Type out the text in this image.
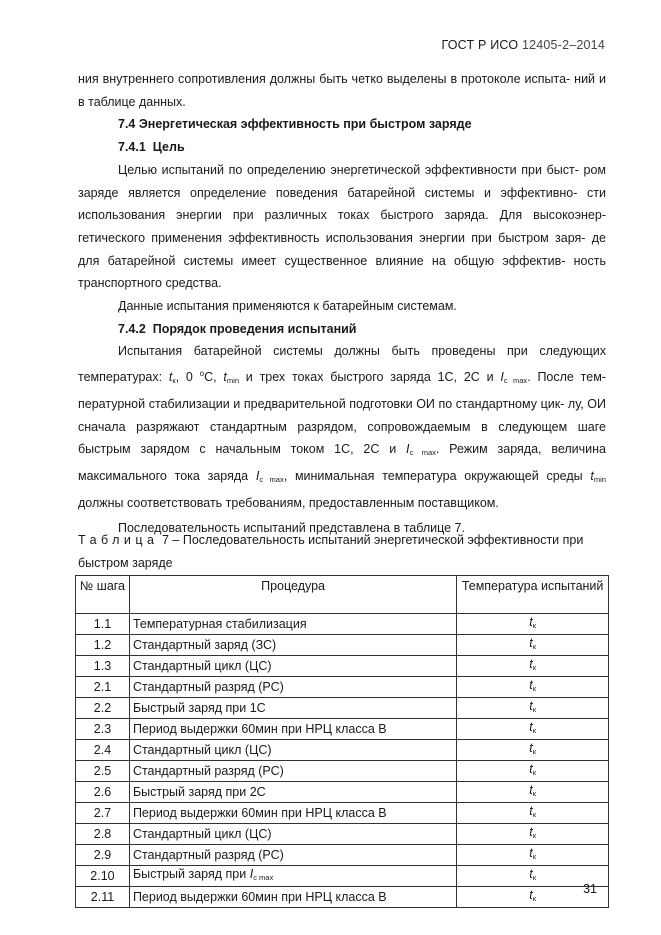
ГОСТ Р ИСО 12405-2–2014

ния внутреннего сопротивления должны быть четко выделены в протоколе испыта- ний и в таблице данных.

7.4 Энергетическая эффективность при быстром заряде

7.4.1 Цель

Целью испытаний по определению энергетической эффективности при быст- ром заряде является определение поведения батарейной системы и эффективно- сти использования энергии при различных токах быстрого заряда. Для высокоэнер- гетического применения эффективность использования энергии при быстром заря- де для батарейной системы имеет существенное влияние на общую эффектив- ность транспортного средства.

Данные испытания применяются к батарейным системам.

7.4.2 Порядок проведения испытаний

Испытания батарейной системы должны быть проведены при следующих температурах: $t_к$, 0 $^о$С, $t_{min}$ и трех токах быстрого заряда 1С, 2С и $I_{c max}$. После тем- пературной стабилизации и предварительной подготовки ОИ по стандартному цик- лу, ОИ сначала разряжают стандартным разрядом, сопровождаемым в следующем шаге быстрым зарядом с начальным током 1С, 2С и $I_{c max}$. Режим заряда, величина максимального тока заряда $I_{c max}$, минимальная температура окружающей среды $t_{min}$ должны соответствовать требованиям, предоставленным поставщиком.

Последовательность испытаний представлена в таблице 7.

Таблица 7 – Последовательность испытаний энергетической эффективности при быстром заряде
№ шага	Процедура	Температура испытаний
1.1	Температурная стабилизация	$t_к$
1.2	Стандартный заряд (ЗС)	$t_к$
1.3	Стандартный цикл (ЦС)	$t_к$
2.1	Стандартный разряд (РС)	$t_к$
2.2	Быстрый заряд при 1С	$t_к$
2.3	Период выдержки 60мин при НРЦ класса В	$t_к$
2.4	Стандартный цикл (ЦС)	$t_к$
2.5	Стандартный разряд (РС)	$t_к$
2.6	Быстрый заряд при 2С	$t_к$
2.7	Период выдержки 60мин при НРЦ класса В	$t_к$
2.8	Стандартный цикл (ЦС)	$t_к$
2.9	Стандартный разряд (РС)	$t_к$
2.10	Быстрый заряд при $I_{c max}$	$t_к$
2.11	Период выдержки 60мин при НРЦ класса В	$t_к$
31
